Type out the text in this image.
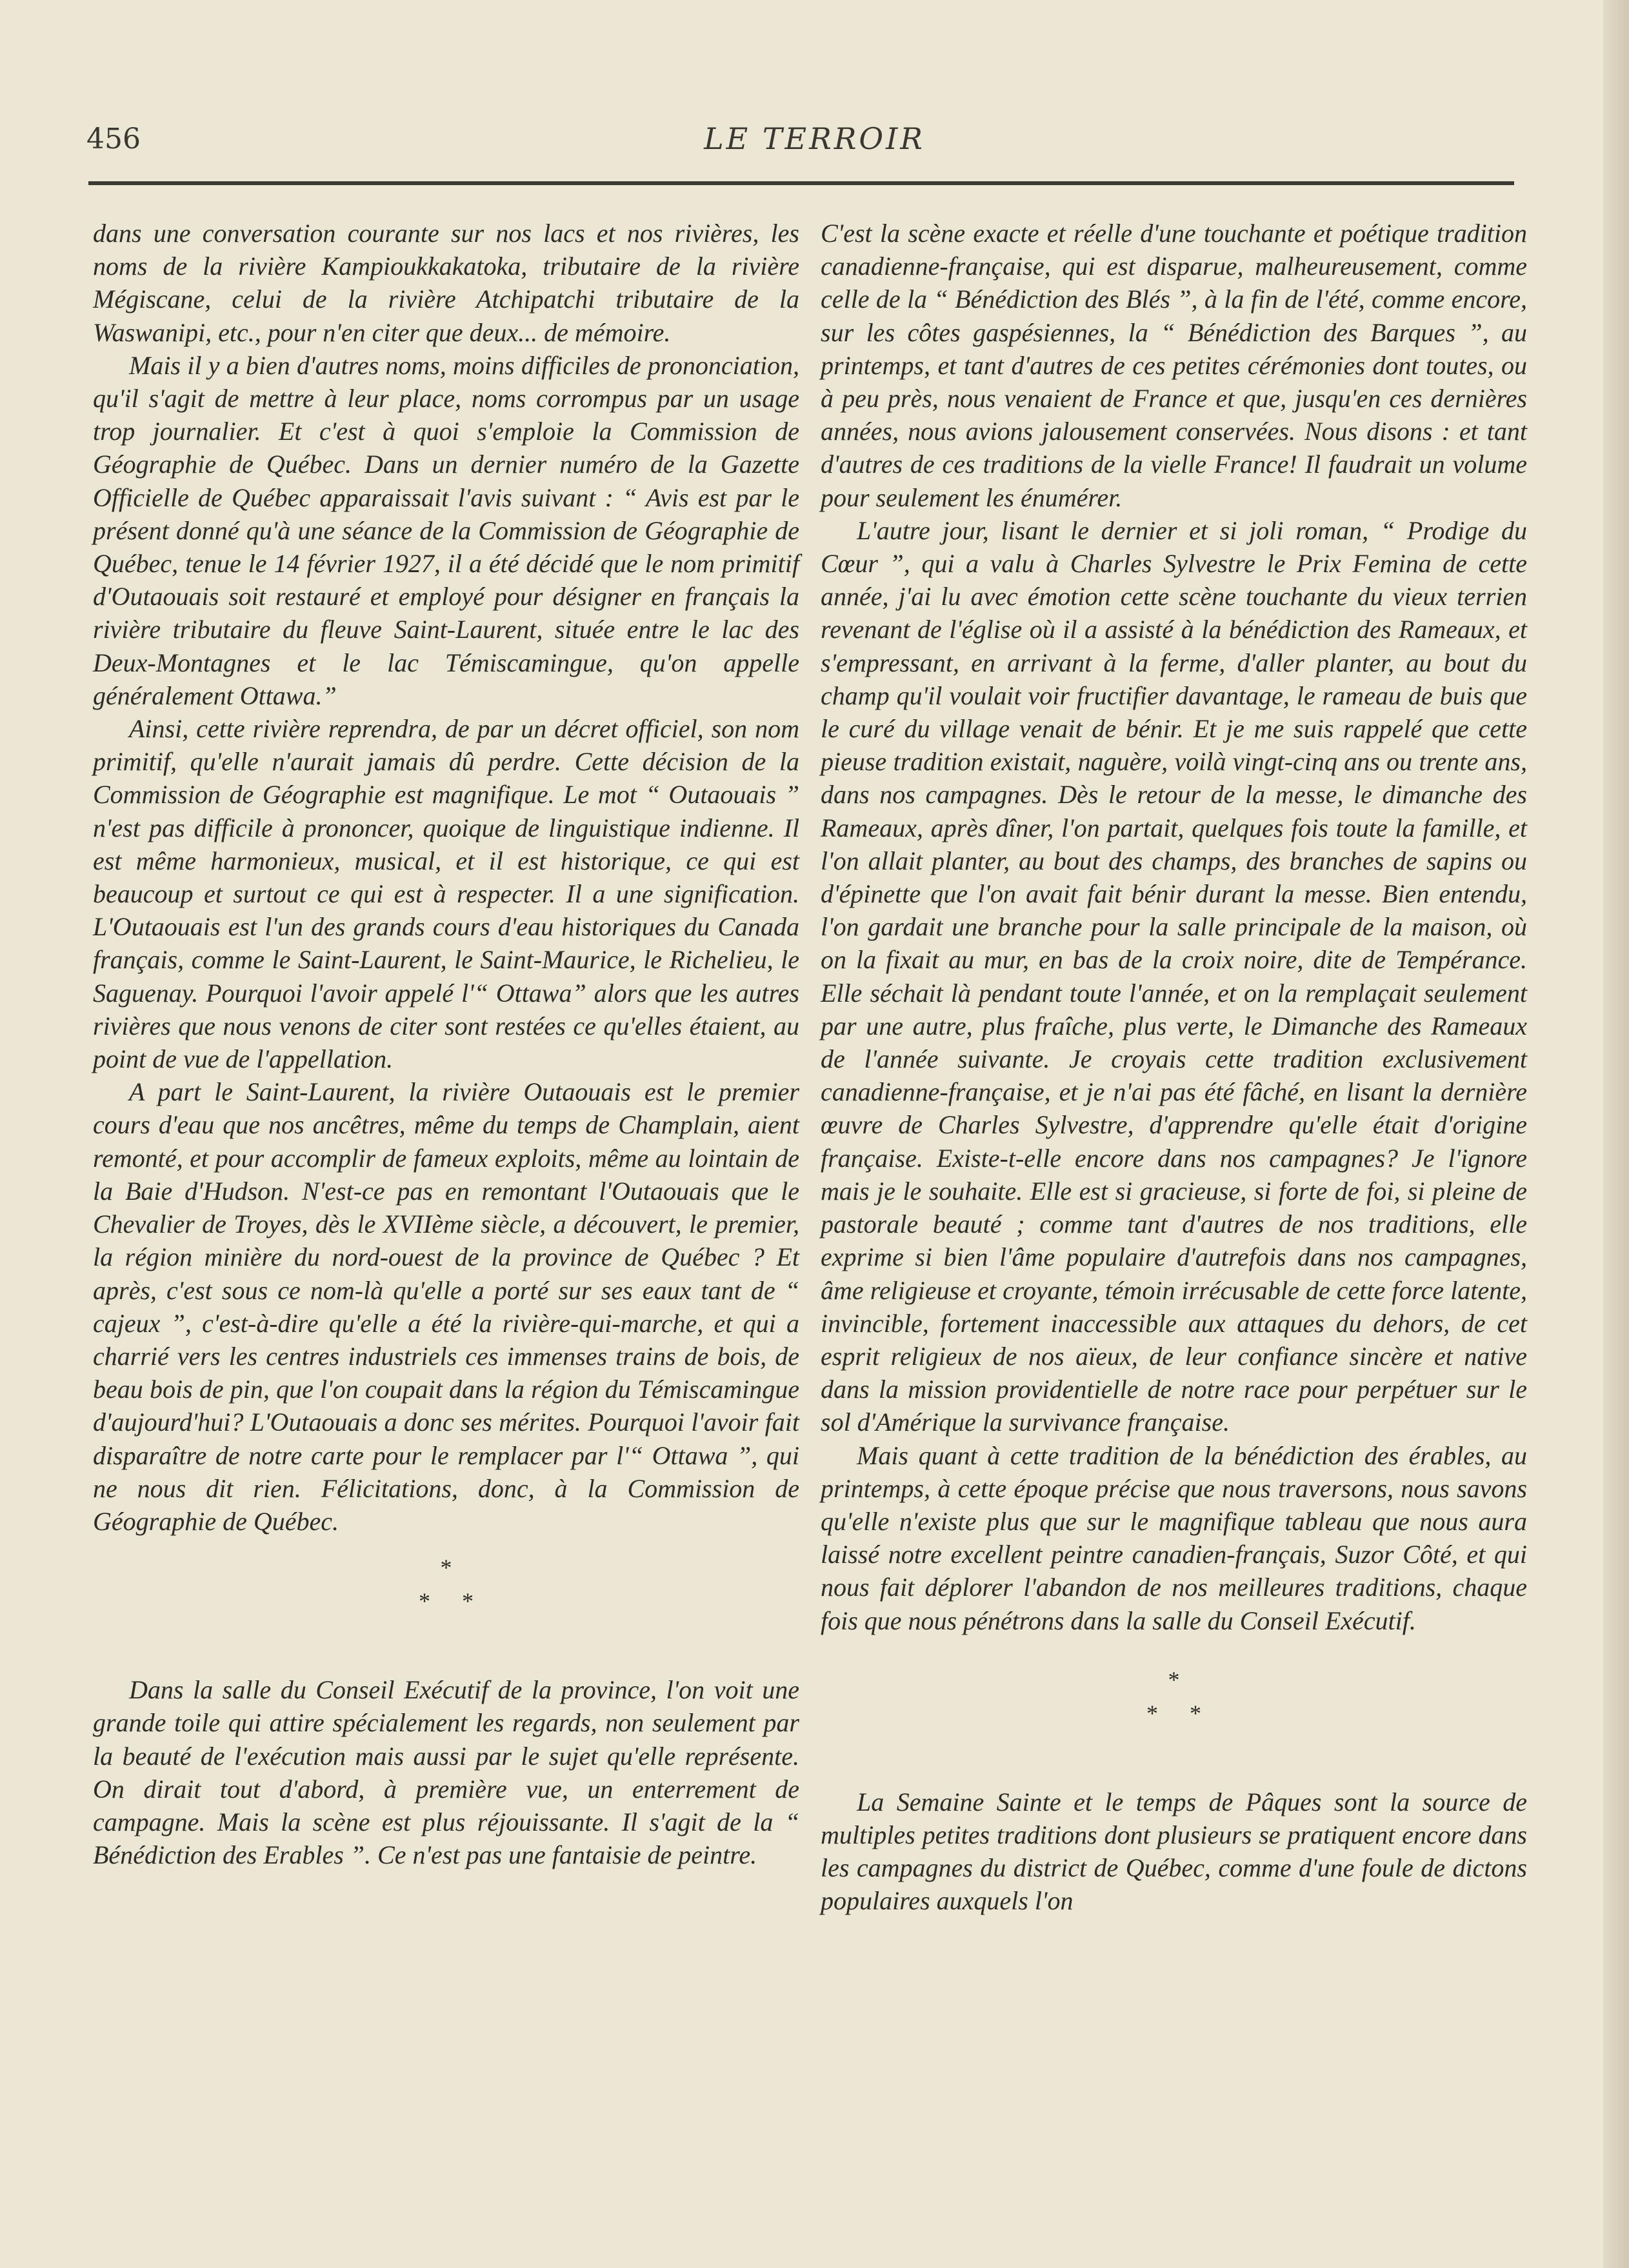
456	LE TERROIR

dans une conversation courante sur nos lacs et nos rivières, les noms de la rivière Kampioukkakatoka, tributaire de la rivière Mégiscane, celui de la rivière Atchipatchi tributaire de la Waswanipi, etc., pour n'en citer que deux... de mémoire.

Mais il y a bien d'autres noms, moins difficiles de prononciation, qu'il s'agit de mettre à leur place, noms corrompus par un usage trop journalier. Et c'est à quoi s'emploie la Commission de Géographie de Québec. Dans un dernier numéro de la Gazette Officielle de Québec apparaissait l'avis suivant : “ Avis est par le présent donné qu'à une séance de la Commission de Géographie de Québec, tenue le 14 février 1927, il a été décidé que le nom primitif d'Outaouais soit restauré et employé pour désigner en français la rivière tributaire du fleuve Saint-Laurent, située entre le lac des Deux-Montagnes et le lac Témiscamingue, qu'on appelle généralement Ottawa.”

Ainsi, cette rivière reprendra, de par un décret officiel, son nom primitif, qu'elle n'aurait jamais dû perdre. Cette décision de la Commission de Géographie est magnifique. Le mot “ Outaouais ” n'est pas difficile à prononcer, quoique de linguistique indienne. Il est même harmonieux, musical, et il est historique, ce qui est beaucoup et surtout ce qui est à respecter. Il a une signification. L'Outaouais est l'un des grands cours d'eau historiques du Canada français, comme le Saint-Laurent, le Saint-Maurice, le Richelieu, le Saguenay. Pourquoi l'avoir appelé l'“ Ottawa” alors que les autres rivières que nous venons de citer sont restées ce qu'elles étaient, au point de vue de l'appellation.

A part le Saint-Laurent, la rivière Outaouais est le premier cours d'eau que nos ancêtres, même du temps de Champlain, aient remonté, et pour accomplir de fameux exploits, même au lointain de la Baie d'Hudson. N'est-ce pas en remontant l'Outaouais que le Chevalier de Troyes, dès le XVIIème siècle, a découvert, le premier, la région minière du nord-ouest de la province de Québec ? Et après, c'est sous ce nom-là qu'elle a porté sur ses eaux tant de “ cajeux ”, c'est-à-dire qu'elle a été la rivière-qui-marche, et qui a charrié vers les centres industriels ces immenses trains de bois, de beau bois de pin, que l'on coupait dans la région du Témiscamingue d'aujourd'hui? L'Outaouais a donc ses mérites. Pourquoi l'avoir fait disparaître de notre carte pour le remplacer par l'“ Ottawa ”, qui ne nous dit rien. Félicitations, donc, à la Commission de Géographie de Québec.

*
* *

Dans la salle du Conseil Exécutif de la province, l'on voit une grande toile qui attire spécialement les regards, non seulement par la beauté de l'exécution mais aussi par le sujet qu'elle représente. On dirait tout d'abord, à première vue, un enterrement de campagne. Mais la scène est plus réjouissante. Il s'agit de la “ Bénédiction des Erables ”. Ce n'est pas une fantaisie de peintre.

C'est la scène exacte et réelle d'une touchante et poétique tradition canadienne-française, qui est disparue, malheureusement, comme celle de la “ Bénédiction des Blés ”, à la fin de l'été, comme encore, sur les côtes gaspésiennes, la “ Bénédiction des Barques ”, au printemps, et tant d'autres de ces petites cérémonies dont toutes, ou à peu près, nous venaient de France et que, jusqu'en ces dernières années, nous avions jalousement conservées. Nous disons : et tant d'autres de ces traditions de la vielle France! Il faudrait un volume pour seulement les énumérer.

L'autre jour, lisant le dernier et si joli roman, “ Prodige du Cœur ”, qui a valu à Charles Sylvestre le Prix Femina de cette année, j'ai lu avec émotion cette scène touchante du vieux terrien revenant de l'église où il a assisté à la bénédiction des Rameaux, et s'empressant, en arrivant à la ferme, d'aller planter, au bout du champ qu'il voulait voir fructifier davantage, le rameau de buis que le curé du village venait de bénir. Et je me suis rappelé que cette pieuse tradition existait, naguère, voilà vingt-cinq ans ou trente ans, dans nos campagnes. Dès le retour de la messe, le dimanche des Rameaux, après dîner, l'on partait, quelques fois toute la famille, et l'on allait planter, au bout des champs, des branches de sapins ou d'épinette que l'on avait fait bénir durant la messe. Bien entendu, l'on gardait une branche pour la salle principale de la maison, où on la fixait au mur, en bas de la croix noire, dite de Tempérance. Elle séchait là pendant toute l'année, et on la remplaçait seulement par une autre, plus fraîche, plus verte, le Dimanche des Rameaux de l'année suivante. Je croyais cette tradition exclusivement canadienne-française, et je n'ai pas été fâché, en lisant la dernière œuvre de Charles Sylvestre, d'apprendre qu'elle était d'origine française. Existe-t-elle encore dans nos campagnes? Je l'ignore mais je le souhaite. Elle est si gracieuse, si forte de foi, si pleine de pastorale beauté ; comme tant d'autres de nos traditions, elle exprime si bien l'âme populaire d'autrefois dans nos campagnes, âme religieuse et croyante, témoin irrécusable de cette force latente, invincible, fortement inaccessible aux attaques du dehors, de cet esprit religieux de nos aïeux, de leur confiance sincère et native dans la mission providentielle de notre race pour perpétuer sur le sol d'Amérique la survivance française.

Mais quant à cette tradition de la bénédiction des érables, au printemps, à cette époque précise que nous traversons, nous savons qu'elle n'existe plus que sur le magnifique tableau que nous aura laissé notre excellent peintre canadien-français, Suzor Côté, et qui nous fait déplorer l'abandon de nos meilleures traditions, chaque fois que nous pénétrons dans la salle du Conseil Exécutif.

*
* *

La Semaine Sainte et le temps de Pâques sont la source de multiples petites traditions dont plusieurs se pratiquent encore dans les campagnes du district de Québec, comme d'une foule de dictons populaires auxquels l'on
